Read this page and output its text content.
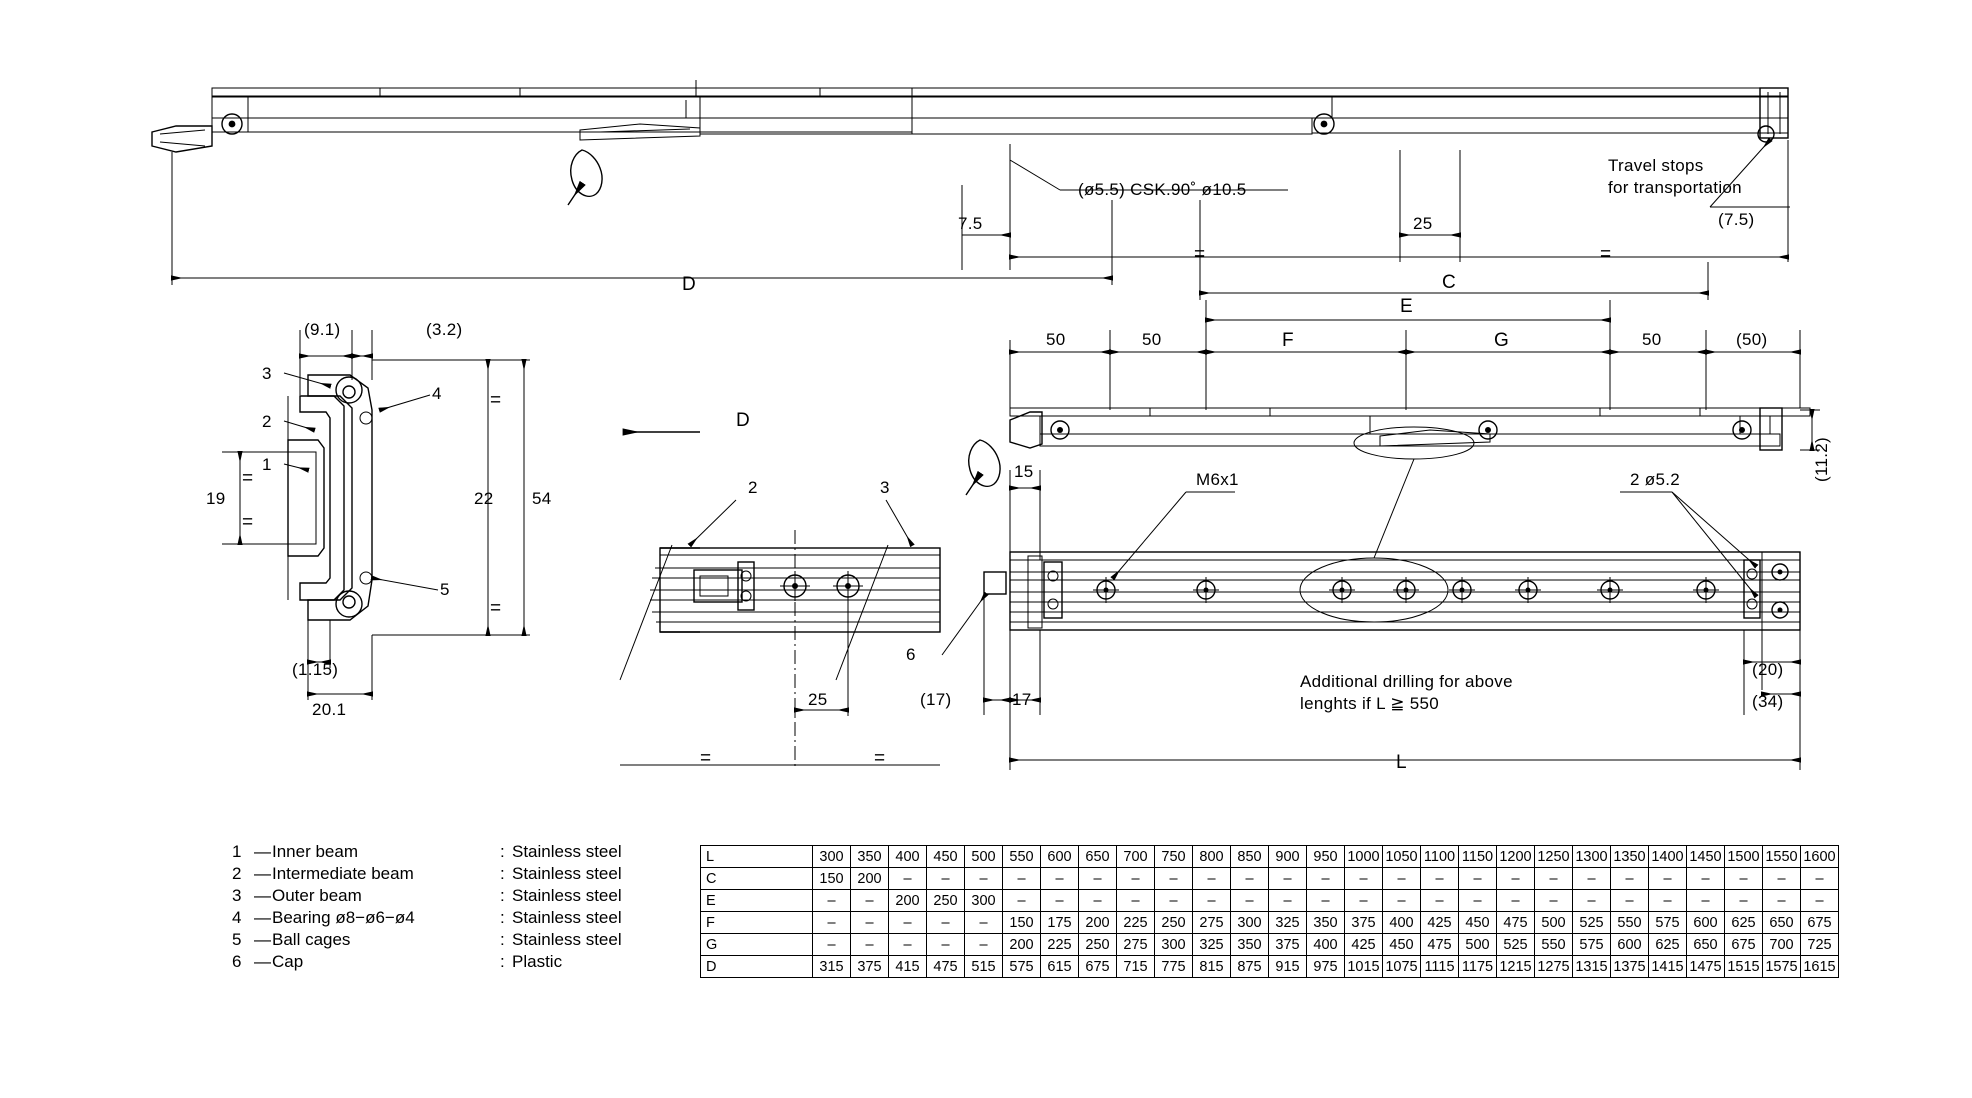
(ø5.5) CSK.90˚ ø10.5
Travel stops
for transportation
7.5	25	(7.5)
=	=
D	C
(9.1)	(3.2)
3
2
1
4
5
19	22 54
(1.15)
20.1
=
=
=
=
D
2	3
25
=	=
50	50
E
F	G	50	(50)
(11.2)
15	M6x1	2 ø5.2
6
(17)	17
Additional drilling for above
lenghts if L ≧ 550
(20)
(34)
L
1 — Inner beam	: Stainless steel
2 — Intermediate beam	: Stainless steel
3 — Outer beam	: Stainless steel
4 — Bearing ø8−ø6−ø4	: Stainless steel
5 — Ball cages	: Stainless steel
6 — Cap	: Plastic
L	300	350	400	450	500	550	600	650	700	750	800	850	900	950	1000	1050	1100	1150	1200	1250	1300	1350	1400	1450	1500	1550	1600
C	150	200	–	–	–	–	–	–	–	–	–	–	–	–	–	–	–	–	–	–	–	–	–	–	–	–	–
E	–	–	200	250	300	–	–	–	–	–	–	–	–	–	–	–	–	–	–	–	–	–	–	–	–	–	–
F	–	–	–	–	–	150	175	200	225	250	275	300	325	350	375	400	425	450	475	500	525	550	575	600	625	650	675
G	–	–	–	–	–	200	225	250	275	300	325	350	375	400	425	450	475	500	525	550	575	600	625	650	675	700	725
D	315	375	415	475	515	575	615	675	715	775	815	875	915	975	1015	1075	1115	1175	1215	1275	1315	1375	1415	1475	1515	1575	1615
